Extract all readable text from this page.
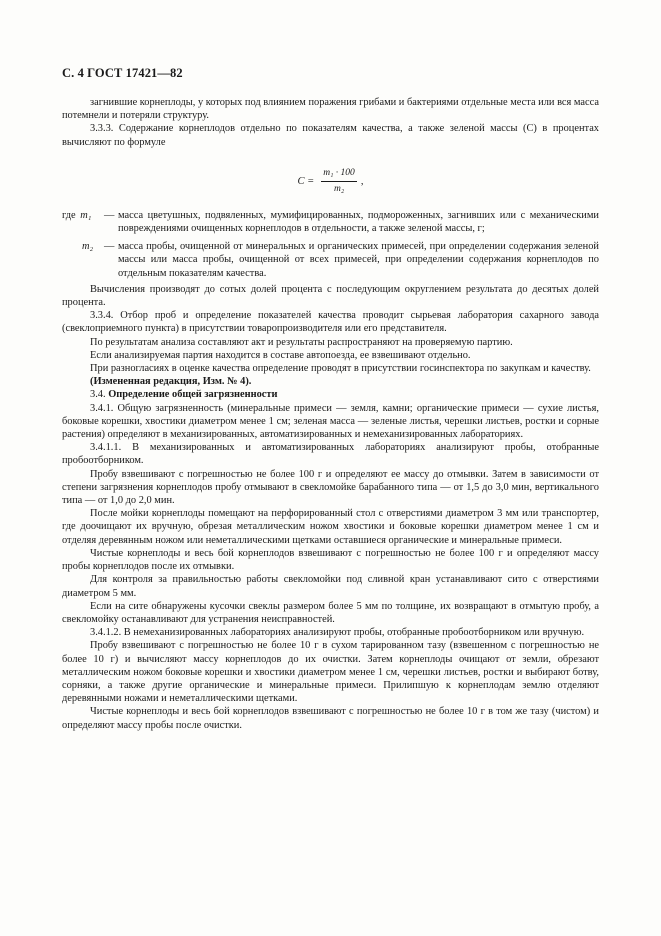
С. 4 ГОСТ 17421—82

загнившие корнеплоды, у которых под влиянием поражения грибами и бактериями отдельные места или вся масса потемнели и потеряли структуру.

3.3.3. Содержание корнеплодов отдельно по показателям качества, а также зеленой массы (С) в процентах вычисляют по формуле

$С = \frac{\text{m₁ · 100}}{\text{m₂}}$ ,
где m₁	— масса цветушных, подвяленных, мумифицированных, подмороженных, загнивших или с механическими повреждениями очищенных корнеплодов в отдельности, а также зеленой массы, г;
m₂	— масса пробы, очищенной от минеральных и органических примесей, при определении содержания зеленой массы или масса пробы, очищенной от всех примесей, при определении содержания корнеплодов по отдельным показателям качества.

Вычисления производят до сотых долей процента с последующим округлением результата до десятых долей процента.

3.3.4. Отбор проб и определение показателей качества проводит сырьевая лаборатория сахарного завода (свеклоприемного пункта) в присутствии товаропроизводителя или его представителя.

По результатам анализа составляют акт и результаты распространяют на проверяемую партию.

Если анализируемая партия находится в составе автопоезда, ее взвешивают отдельно.

При разногласиях в оценке качества определение проводят в присутствии госинспектора по закупкам и качеству.

(Измененная редакция, Изм. № 4).

3.4. Определение общей загрязненности

3.4.1. Общую загрязненность (минеральные примеси — земля, камни; органические примеси — сухие листья, боковые корешки, хвостики диаметром менее 1 см; зеленая масса — зеленые листья, черешки листьев, ростки и сорные растения) определяют в механизированных, автоматизированных и немеханизированных лабораториях.

3.4.1.1. В механизированных и автоматизированных лабораториях анализируют пробы, отобранные пробоотборником.

Пробу взвешивают с погрешностью не более 100 г и определяют ее массу до отмывки. Затем в зависимости от степени загрязнения корнеплодов пробу отмывают в свекломойке барабанного типа — от 1,5 до 3,0 мин, вертикального типа — от 1,0 до 2,0 мин.

После мойки корнеплоды помещают на перфорированный стол с отверстиями диаметром 3 мм или транспортер, где доочищают их вручную, обрезая металлическим ножом хвостики и боковые корешки диаметром менее 1 см и отделяя деревянным ножом или неметаллическими щетками оставшиеся органические и минеральные примеси.

Чистые корнеплоды и весь бой корнеплодов взвешивают с погрешностью не более 100 г и определяют массу пробы корнеплодов после их отмывки.

Для контроля за правильностью работы свекломойки под сливной кран устанавливают сито с отверстиями диаметром 5 мм.

Если на сите обнаружены кусочки свеклы размером более 5 мм по толщине, их возвращают в отмытую пробу, а свекломойку останавливают для устранения неисправностей.

3.4.1.2. В немеханизированных лабораториях анализируют пробы, отобранные пробоотборником или вручную.

Пробу взвешивают с погрешностью не более 10 г в сухом тарированном тазу (взвешенном с погрешностью не более 10 г) и вычисляют массу корнеплодов до их очистки. Затем корнеплоды очищают от земли, обрезают металлическим ножом боковые корешки и хвостики диаметром менее 1 см, черешки листьев, ростки и выбирают ботву, сорняки, а также другие органические и минеральные примеси. Прилипшую к корнеплодам землю отделяют деревянными ножами и неметаллическими щетками.

Чистые корнеплоды и весь бой корнеплодов взвешивают с погрешностью не более 10 г в том же тазу (чистом) и определяют массу пробы после очистки.
